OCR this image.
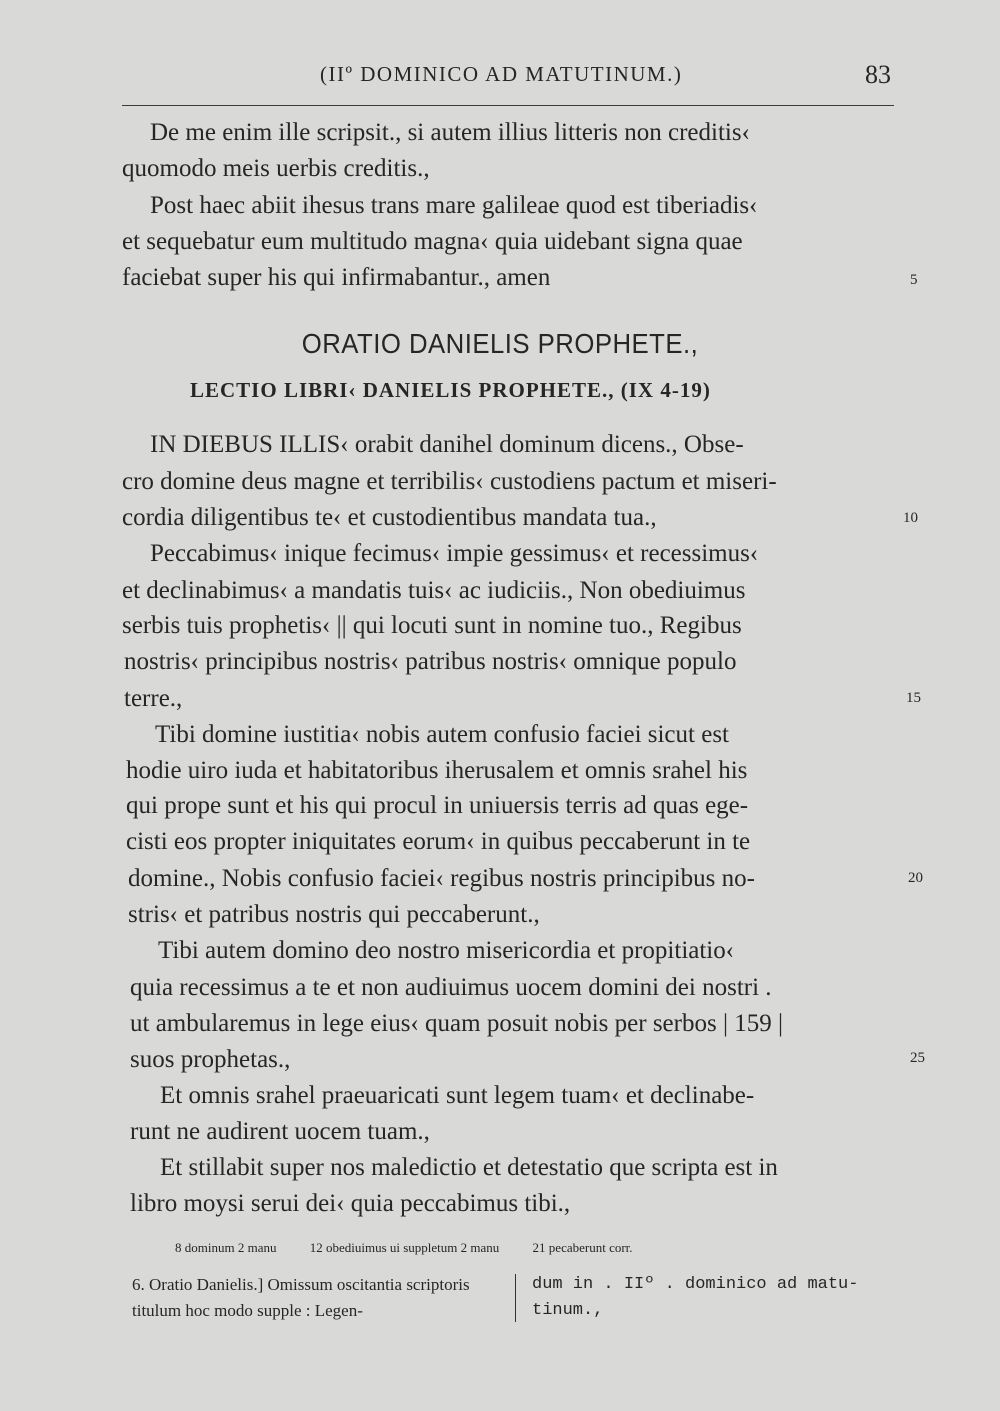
(IIº DOMINICO AD MATUTINUM.)	83
De me enim ille scripsit., si autem illius litteris non creditis‹
quomodo meis uerbis creditis.,
Post haec abiit ihesus trans mare galileae quod est tiberiadis‹
et sequebatur eum multitudo magna‹ quia uidebant signa quae
faciebat super his qui infirmabantur., amen	5
ORATIO DANIELIS PROPHETE.,
LECTIO LIBRI‹ DANIELIS PROPHETE., (IX 4-19)
IN DIEBUS ILLIS‹ orabit danihel dominum dicens., Obse-
cro domine deus magne et terribilis‹ custodiens pactum et miseri-
cordia diligentibus te‹ et custodientibus mandata tua.,	10
Peccabimus‹ inique fecimus‹ impie gessimus‹ et recessimus‹
et declinabimus‹ a mandatis tuis‹ ac iudiciis., Non obediuimus
serbis tuis prophetis‹ || qui locuti sunt in nomine tuo., Regibus
nostris‹ principibus nostris‹ patribus nostris‹ omnique populo
terre.,	15
Tibi domine iustitia‹ nobis autem confusio faciei sicut est
hodie uiro iuda et habitatoribus iherusalem et omnis srahel his
qui prope sunt et his qui procul in uniuersis terris ad quas ege-
cisti eos propter iniquitates eorum‹ in quibus peccaberunt in te
domine., Nobis confusio faciei‹ regibus nostris principibus no-	20
stris‹ et patribus nostris qui peccaberunt.,
Tibi autem domino deo nostro misericordia et propitiatio‹
quia recessimus a te et non audiuimus uocem domini dei nostri .
ut ambularemus in lege eius‹ quam posuit nobis per serbos | 159 |
suos prophetas.,	25
Et omnis srahel praeuaricati sunt legem tuam‹ et declinabe-
runt ne audirent uocem tuam.,
Et stillabit super nos maledictio et detestatio que scripta est in
libro moysi serui dei‹ quia peccabimus tibi.,
8 dominum 2 manu	12 obediuimus ui suppletum 2 manu	21 pecaberunt corr.
6. Oratio Danielis.] Omissum oscitantia scriptoris titulum hoc modo supple : Legen-
dum in . IIº . dominico ad matu-tinum.,
